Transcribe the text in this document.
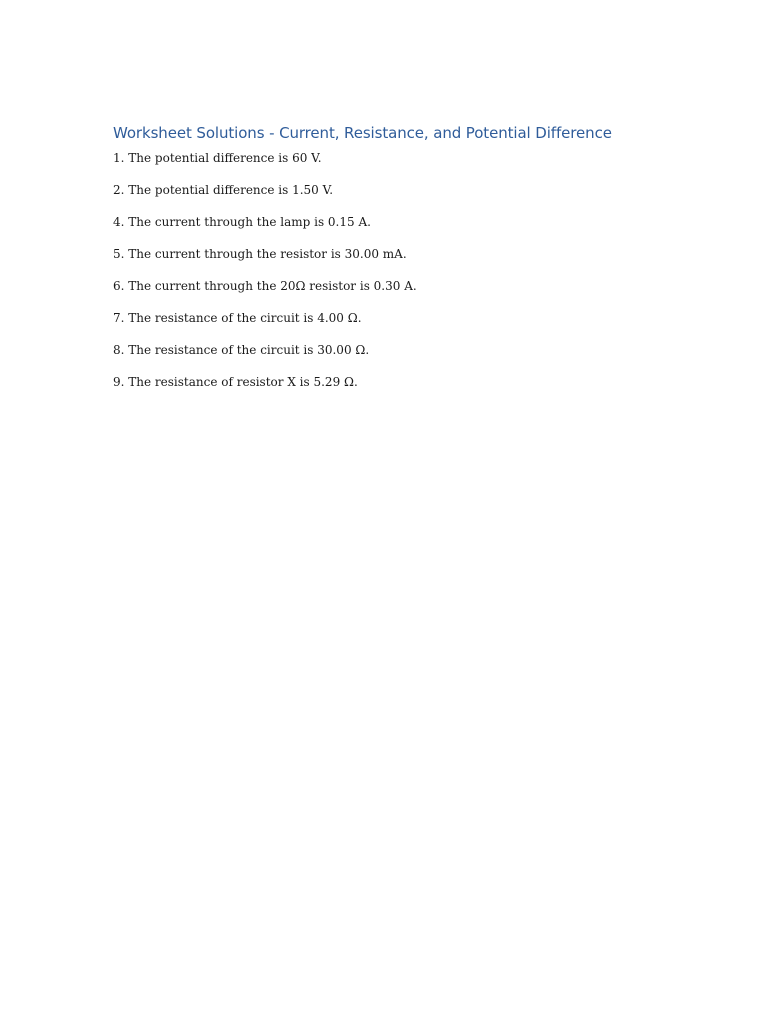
Worksheet Solutions - Current, Resistance, and Potential Difference
1. The potential difference is 60 V.
2. The potential difference is 1.50 V.
4. The current through the lamp is 0.15 A.
5. The current through the resistor is 30.00 mA.
6. The current through the 20Ω resistor is 0.30 A.
7. The resistance of the circuit is 4.00 Ω.
8. The resistance of the circuit is 30.00 Ω.
9. The resistance of resistor X is 5.29 Ω.
